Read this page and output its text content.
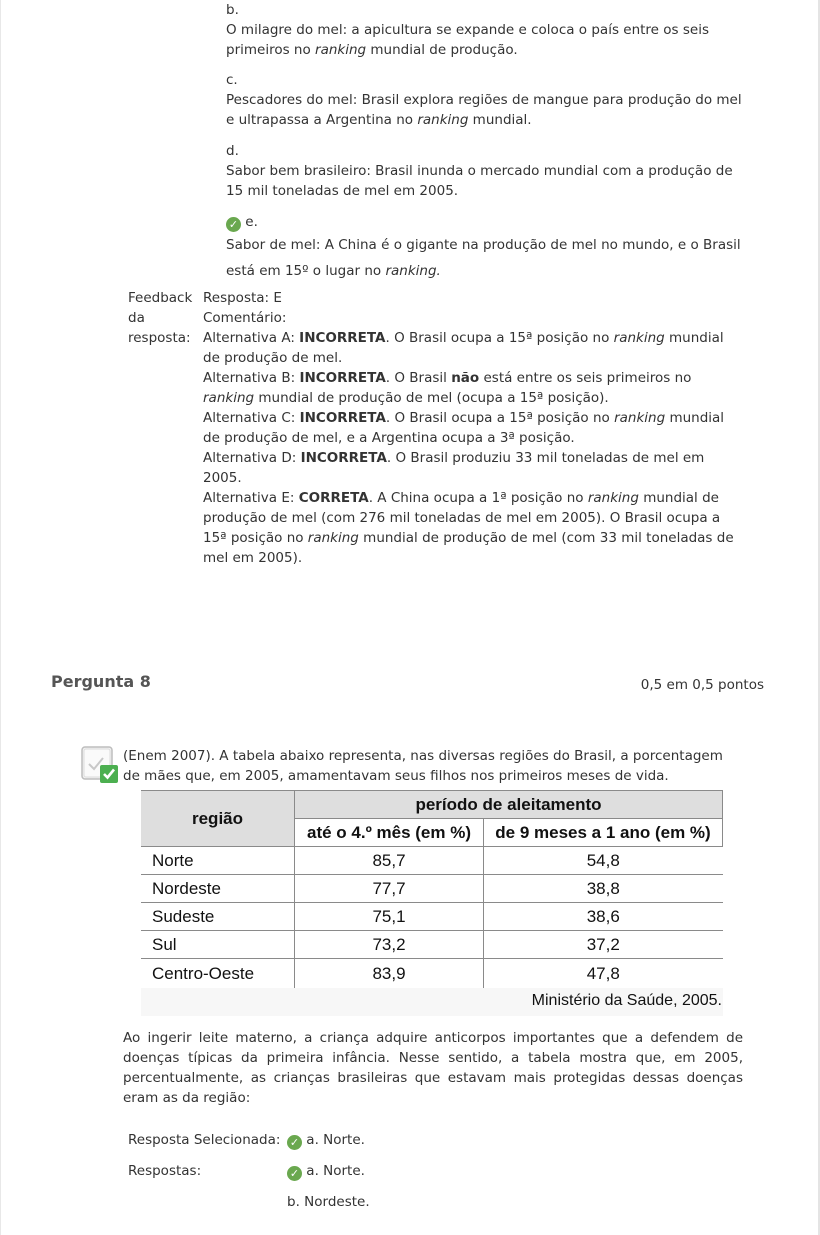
b.
O milagre do mel: a apicultura se expande e coloca o país entre os seis primeiros no ranking mundial de produção.
c.
Pescadores do mel: Brasil explora regiões de mangue para produção do mel e ultrapassa a Argentina no ranking mundial.
d.
Sabor bem brasileiro: Brasil inunda o mercado mundial com a produção de 15 mil toneladas de mel em 2005.
✓ e.
Sabor de mel: A China é o gigante na produção de mel no mundo, e o Brasil está em 15º o lugar no ranking.
Feedback da resposta:
Resposta: E
Comentário:
Alternativa A: INCORRETA. O Brasil ocupa a 15ª posição no ranking mundial de produção de mel.
Alternativa B: INCORRETA. O Brasil não está entre os seis primeiros no ranking mundial de produção de mel (ocupa a 15ª posição).
Alternativa C: INCORRETA. O Brasil ocupa a 15ª posição no ranking mundial de produção de mel, e a Argentina ocupa a 3ª posição.
Alternativa D: INCORRETA. O Brasil produziu 33 mil toneladas de mel em 2005.
Alternativa E: CORRETA. A China ocupa a 1ª posição no ranking mundial de produção de mel (com 276 mil toneladas de mel em 2005). O Brasil ocupa a 15ª posição no ranking mundial de produção de mel (com 33 mil toneladas de mel em 2005).
Pergunta 8	0,5 em 0,5 pontos
(Enem 2007). A tabela abaixo representa, nas diversas regiões do Brasil, a porcentagem de mães que, em 2005, amamentavam seus filhos nos primeiros meses de vida.
região	período de aleitamento	
	até o 4.º mês (em %)	de 9 meses a 1 ano (em %)
Norte	85,7	54,8
Nordeste	77,7	38,8
Sudeste	75,1	38,6
Sul	73,2	37,2
Centro-Oeste	83,9	47,8
Ministério da Saúde, 2005.
Ao ingerir leite materno, a criança adquire anticorpos importantes que a defendem de doenças típicas da primeira infância. Nesse sentido, a tabela mostra que, em 2005, percentualmente, as crianças brasileiras que estavam mais protegidas dessas doenças eram as da região:
Resposta Selecionada: ✓ a. Norte.
Respostas:	✓ a. Norte.
b. Nordeste.
